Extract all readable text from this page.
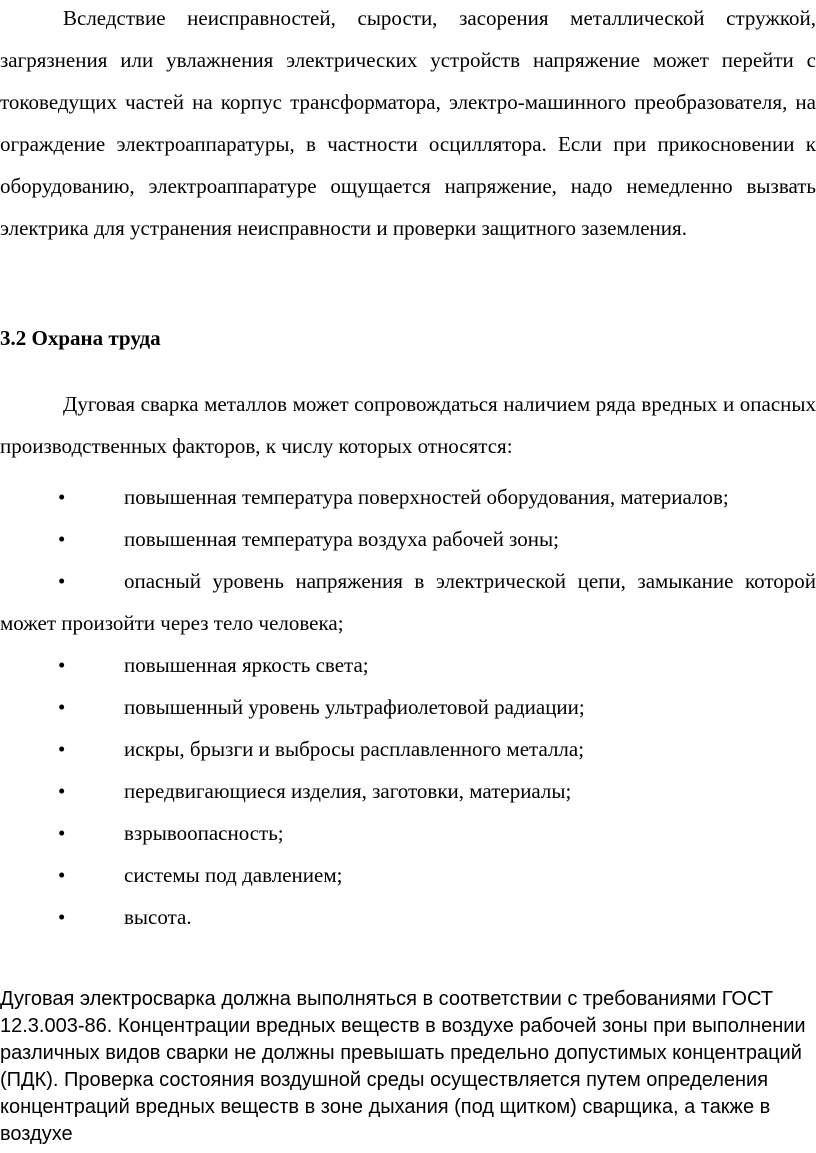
Вследствие неисправностей, сырости, засорения металлической стружкой, загрязнения или увлажнения электрических устройств напряжение может перейти с токоведущих частей на корпус трансформатора, электро-машинного преобразователя, на ограждение электроаппаратуры, в частности осциллятора. Если при прикосновении к оборудованию, электроаппаратуре ощущается напряжение, надо немедленно вызвать электрика для устранения неисправности и проверки защитного заземления.

3.2 Охрана труда

Дуговая сварка металлов может сопровождаться наличием ряда вредных и опасных производственных факторов, к числу которых относятся:

•	повышенная температура поверхностей оборудования, материалов;
•	повышенная температура воздуха рабочей зоны;
•	опасный уровень напряжения в электрической цепи, замыкание которой может произойти через тело человека;
•	повышенная яркость света;
•	повышенный уровень ультрафиолетовой радиации;
•	искры, брызги и выбросы расплавленного металла;
•	передвигающиеся изделия, заготовки, материалы;
•	взрывоопасность;
•	системы под давлением;
•	высота.

Дуговая электросварка должна выполняться в соответствии с требованиями ГОСТ 12.3.003-86. Концентрации вредных веществ в воздухе рабочей зоны при выполнении различных видов сварки не должны превышать предельно допустимых концентраций (ПДК). Проверка состояния воздушной среды осуществляется путем определения концентраций вредных веществ в зоне дыхания (под щитком) сварщика, а также в воздухе
